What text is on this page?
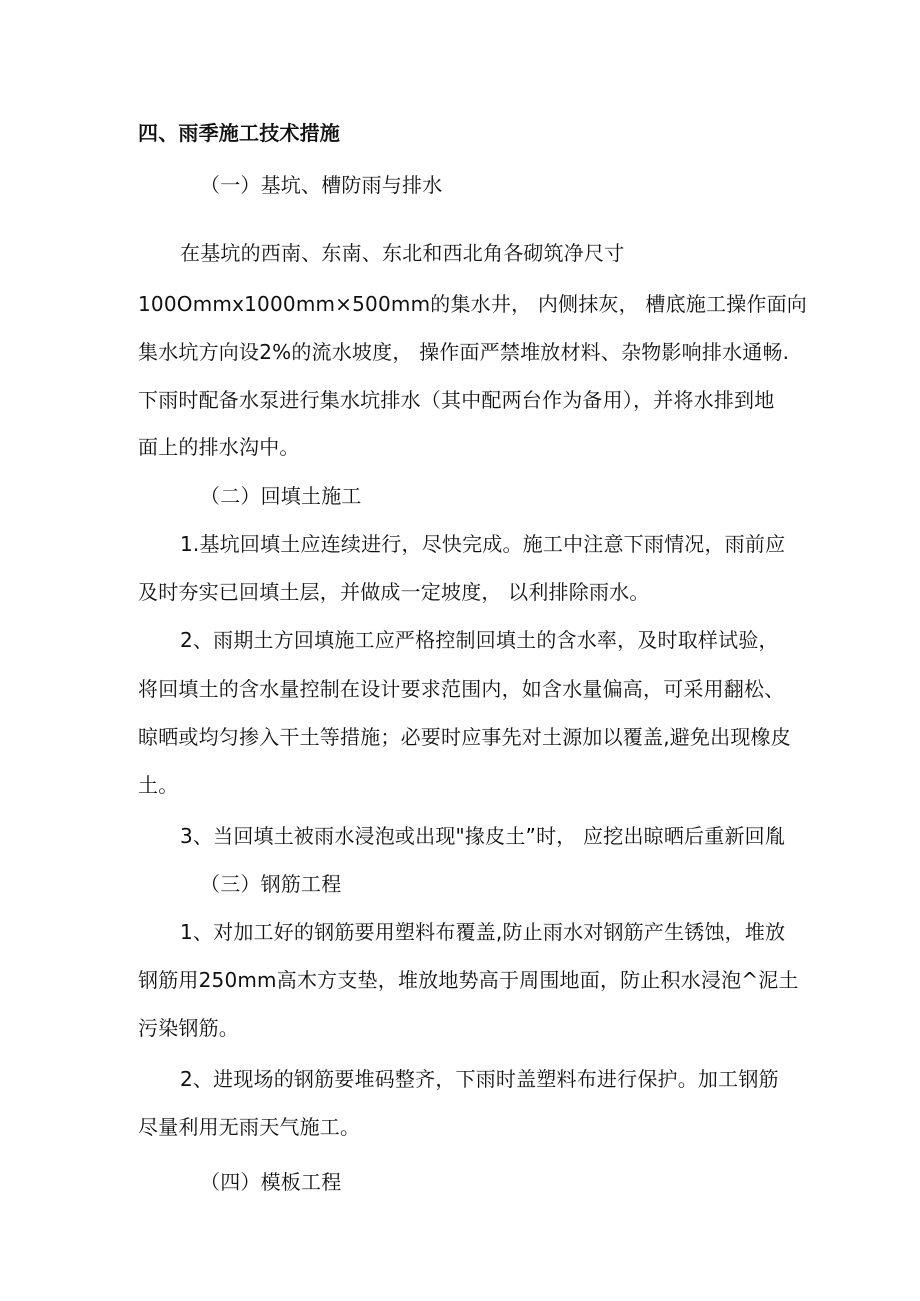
四、雨季施工技术措施
（一）基坑、槽防雨与排水
在基坑的西南、东南、东北和西北角各砌筑净尺寸
100Ommx1000mm×500mm的集水井， 内侧抹灰， 槽底施工操作面向
集水坑方向设2%的流水坡度， 操作面严禁堆放材料、杂物影响排水通畅.
下雨时配备水泵进行集水坑排水（其中配两台作为备用），并将水排到地
面上的排水沟中。
（二）回填土施工
1.基坑回填土应连续进行，尽快完成。施工中注意下雨情况，雨前应
及时夯实已回填土层，并做成一定坡度， 以利排除雨水。
2、雨期土方回填施工应严格控制回填土的含水率，及时取样试验，
将回填土的含水量控制在设计要求范围内，如含水量偏高，可采用翻松、
晾晒或均匀掺入干土等措施；必要时应事先对土源加以覆盖,避免出现橡皮
土。
3、当回填土被雨水浸泡或出现"掾皮土”时， 应挖出晾晒后重新回胤
（三）钢筋工程
1、对加工好的钢筋要用塑料布覆盖,防止雨水对钢筋产生锈蚀，堆放
钢筋用250mm高木方支垫，堆放地势高于周围地面，防止积水浸泡^泥土
污染钢筋。
2、进现场的钢筋要堆码整齐，下雨时盖塑料布进行保护。加工钢筋
尽量利用无雨天气施工。
（四）模板工程
